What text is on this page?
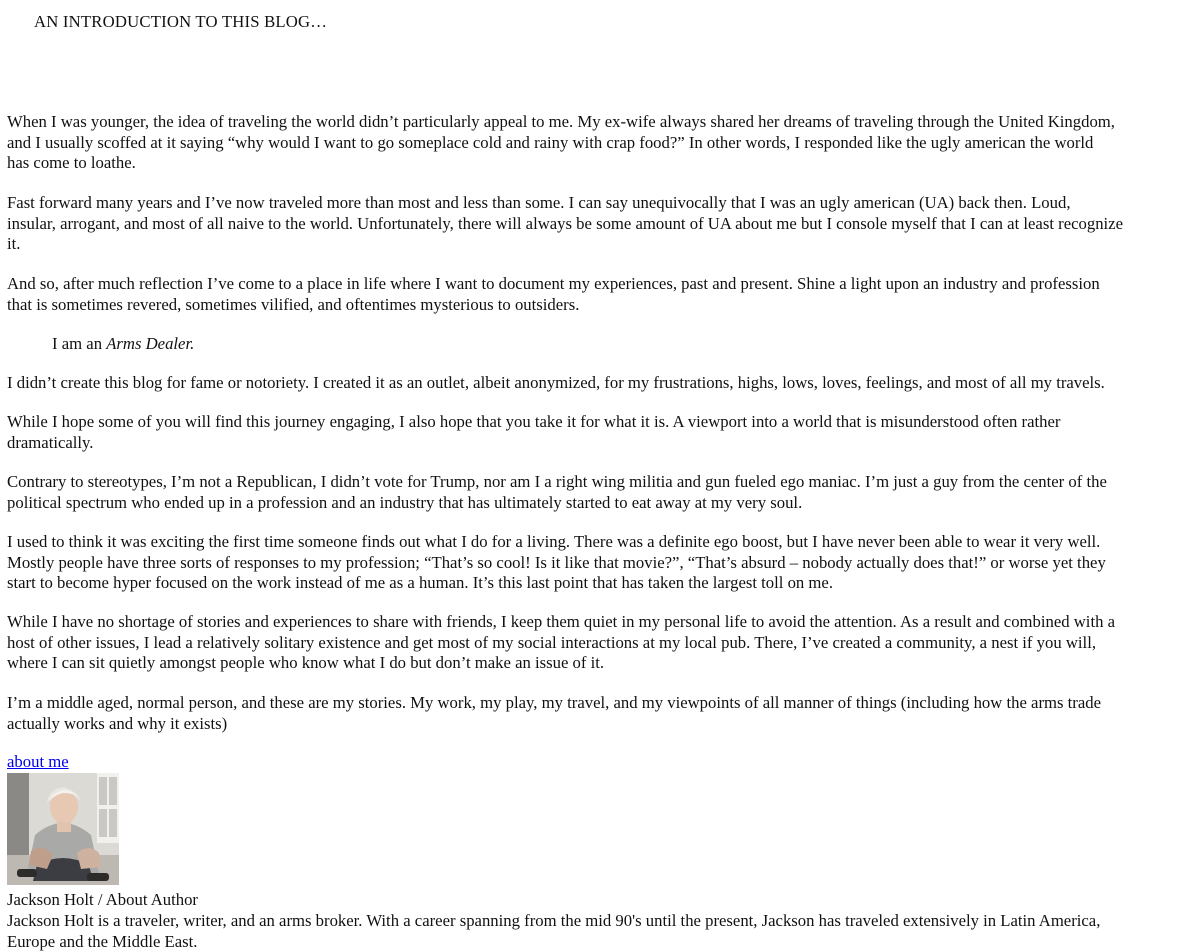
AN INTRODUCTION TO THIS BLOG…

When I was younger, the idea of traveling the world didn’t particularly appeal to me. My ex-wife always shared her dreams of traveling through the United Kingdom,
and I usually scoffed at it saying “why would I want to go someplace cold and rainy with crap food?” In other words, I responded like the ugly american the world
has come to loathe.

Fast forward many years and I’ve now traveled more than most and less than some. I can say unequivocally that I was an ugly american (UA) back then. Loud,
insular, arrogant, and most of all naive to the world. Unfortunately, there will always be some amount of UA about me but I console myself that I can at least recognize
it.

And so, after much reflection I’ve come to a place in life where I want to document my experiences, past and present. Shine a light upon an industry and profession
that is sometimes revered, sometimes vilified, and oftentimes mysterious to outsiders.

I am an Arms Dealer.

I didn’t create this blog for fame or notoriety. I created it as an outlet, albeit anonymized, for my frustrations, highs, lows, loves, feelings, and most of all my travels.

While I hope some of you will find this journey engaging, I also hope that you take it for what it is. A viewport into a world that is misunderstood often rather
dramatically.

Contrary to stereotypes, I’m not a Republican, I didn’t vote for Trump, nor am I a right wing militia and gun fueled ego maniac. I’m just a guy from the center of the
political spectrum who ended up in a profession and an industry that has ultimately started to eat away at my very soul.

I used to think it was exciting the first time someone finds out what I do for a living. There was a definite ego boost, but I have never been able to wear it very well.
Mostly people have three sorts of responses to my profession; “That’s so cool! Is it like that movie?”, “That’s absurd – nobody actually does that!” or worse yet they
start to become hyper focused on the work instead of me as a human. It’s this last point that has taken the largest toll on me.

While I have no shortage of stories and experiences to share with friends, I keep them quiet in my personal life to avoid the attention. As a result and combined with a
host of other issues, I lead a relatively solitary existence and get most of my social interactions at my local pub. There, I’ve created a community, a nest if you will,
where I can sit quietly amongst people who know what I do but don’t make an issue of it.

I’m a middle aged, normal person, and these are my stories. My work, my play, my travel, and my viewpoints of all manner of things (including how the arms trade
actually works and why it exists)

about me
Jackson Holt / About Author

Jackson Holt is a traveler, writer, and an arms broker. With a career spanning from the mid 90's until the present, Jackson has traveled extensively in Latin America,
Europe and the Middle East.
